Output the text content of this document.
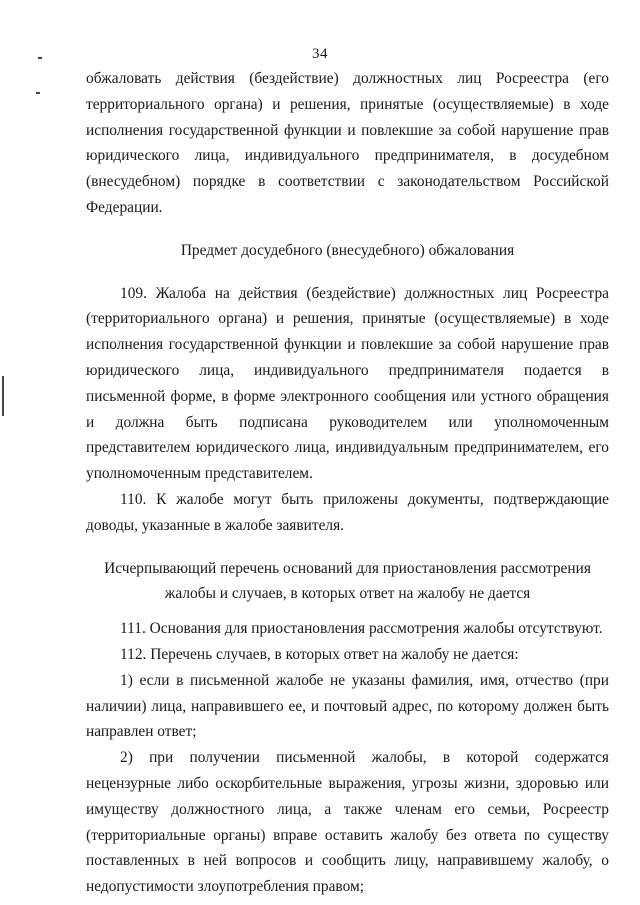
34

обжаловать действия (бездействие) должностных лиц Росреестра (его территориального органа) и решения, принятые (осуществляемые) в ходе исполнения государственной функции и повлекшие за собой нарушение прав юридического лица, индивидуального предпринимателя, в досудебном (внесудебном) порядке в соответствии с законодательством Российской Федерации.

Предмет досудебного (внесудебного) обжалования

109. Жалоба на действия (бездействие) должностных лиц Росреестра (территориального органа) и решения, принятые (осуществляемые) в ходе исполнения государственной функции и повлекшие за собой нарушение прав юридического лица, индивидуального предпринимателя подается в письменной форме, в форме электронного сообщения или устного обращения и должна быть подписана руководителем или уполномоченным представителем юридического лица, индивидуальным предпринимателем, его уполномоченным представителем.

110. К жалобе могут быть приложены документы, подтверждающие доводы, указанные в жалобе заявителя.

Исчерпывающий перечень оснований для приостановления рассмотрения

жалобы и случаев, в которых ответ на жалобу не дается

111. Основания для приостановления рассмотрения жалобы отсутствуют.

112. Перечень случаев, в которых ответ на жалобу не дается:

1) если в письменной жалобе не указаны фамилия, имя, отчество (при наличии) лица, направившего ее, и почтовый адрес, по которому должен быть направлен ответ;

2) при получении письменной жалобы, в которой содержатся нецензурные либо оскорбительные выражения, угрозы жизни, здоровью или имуществу должностного лица, а также членам его семьи, Росреестр (территориальные органы) вправе оставить жалобу без ответа по существу поставленных в ней вопросов и сообщить лицу, направившему жалобу, о недопустимости злоупотребления правом;
